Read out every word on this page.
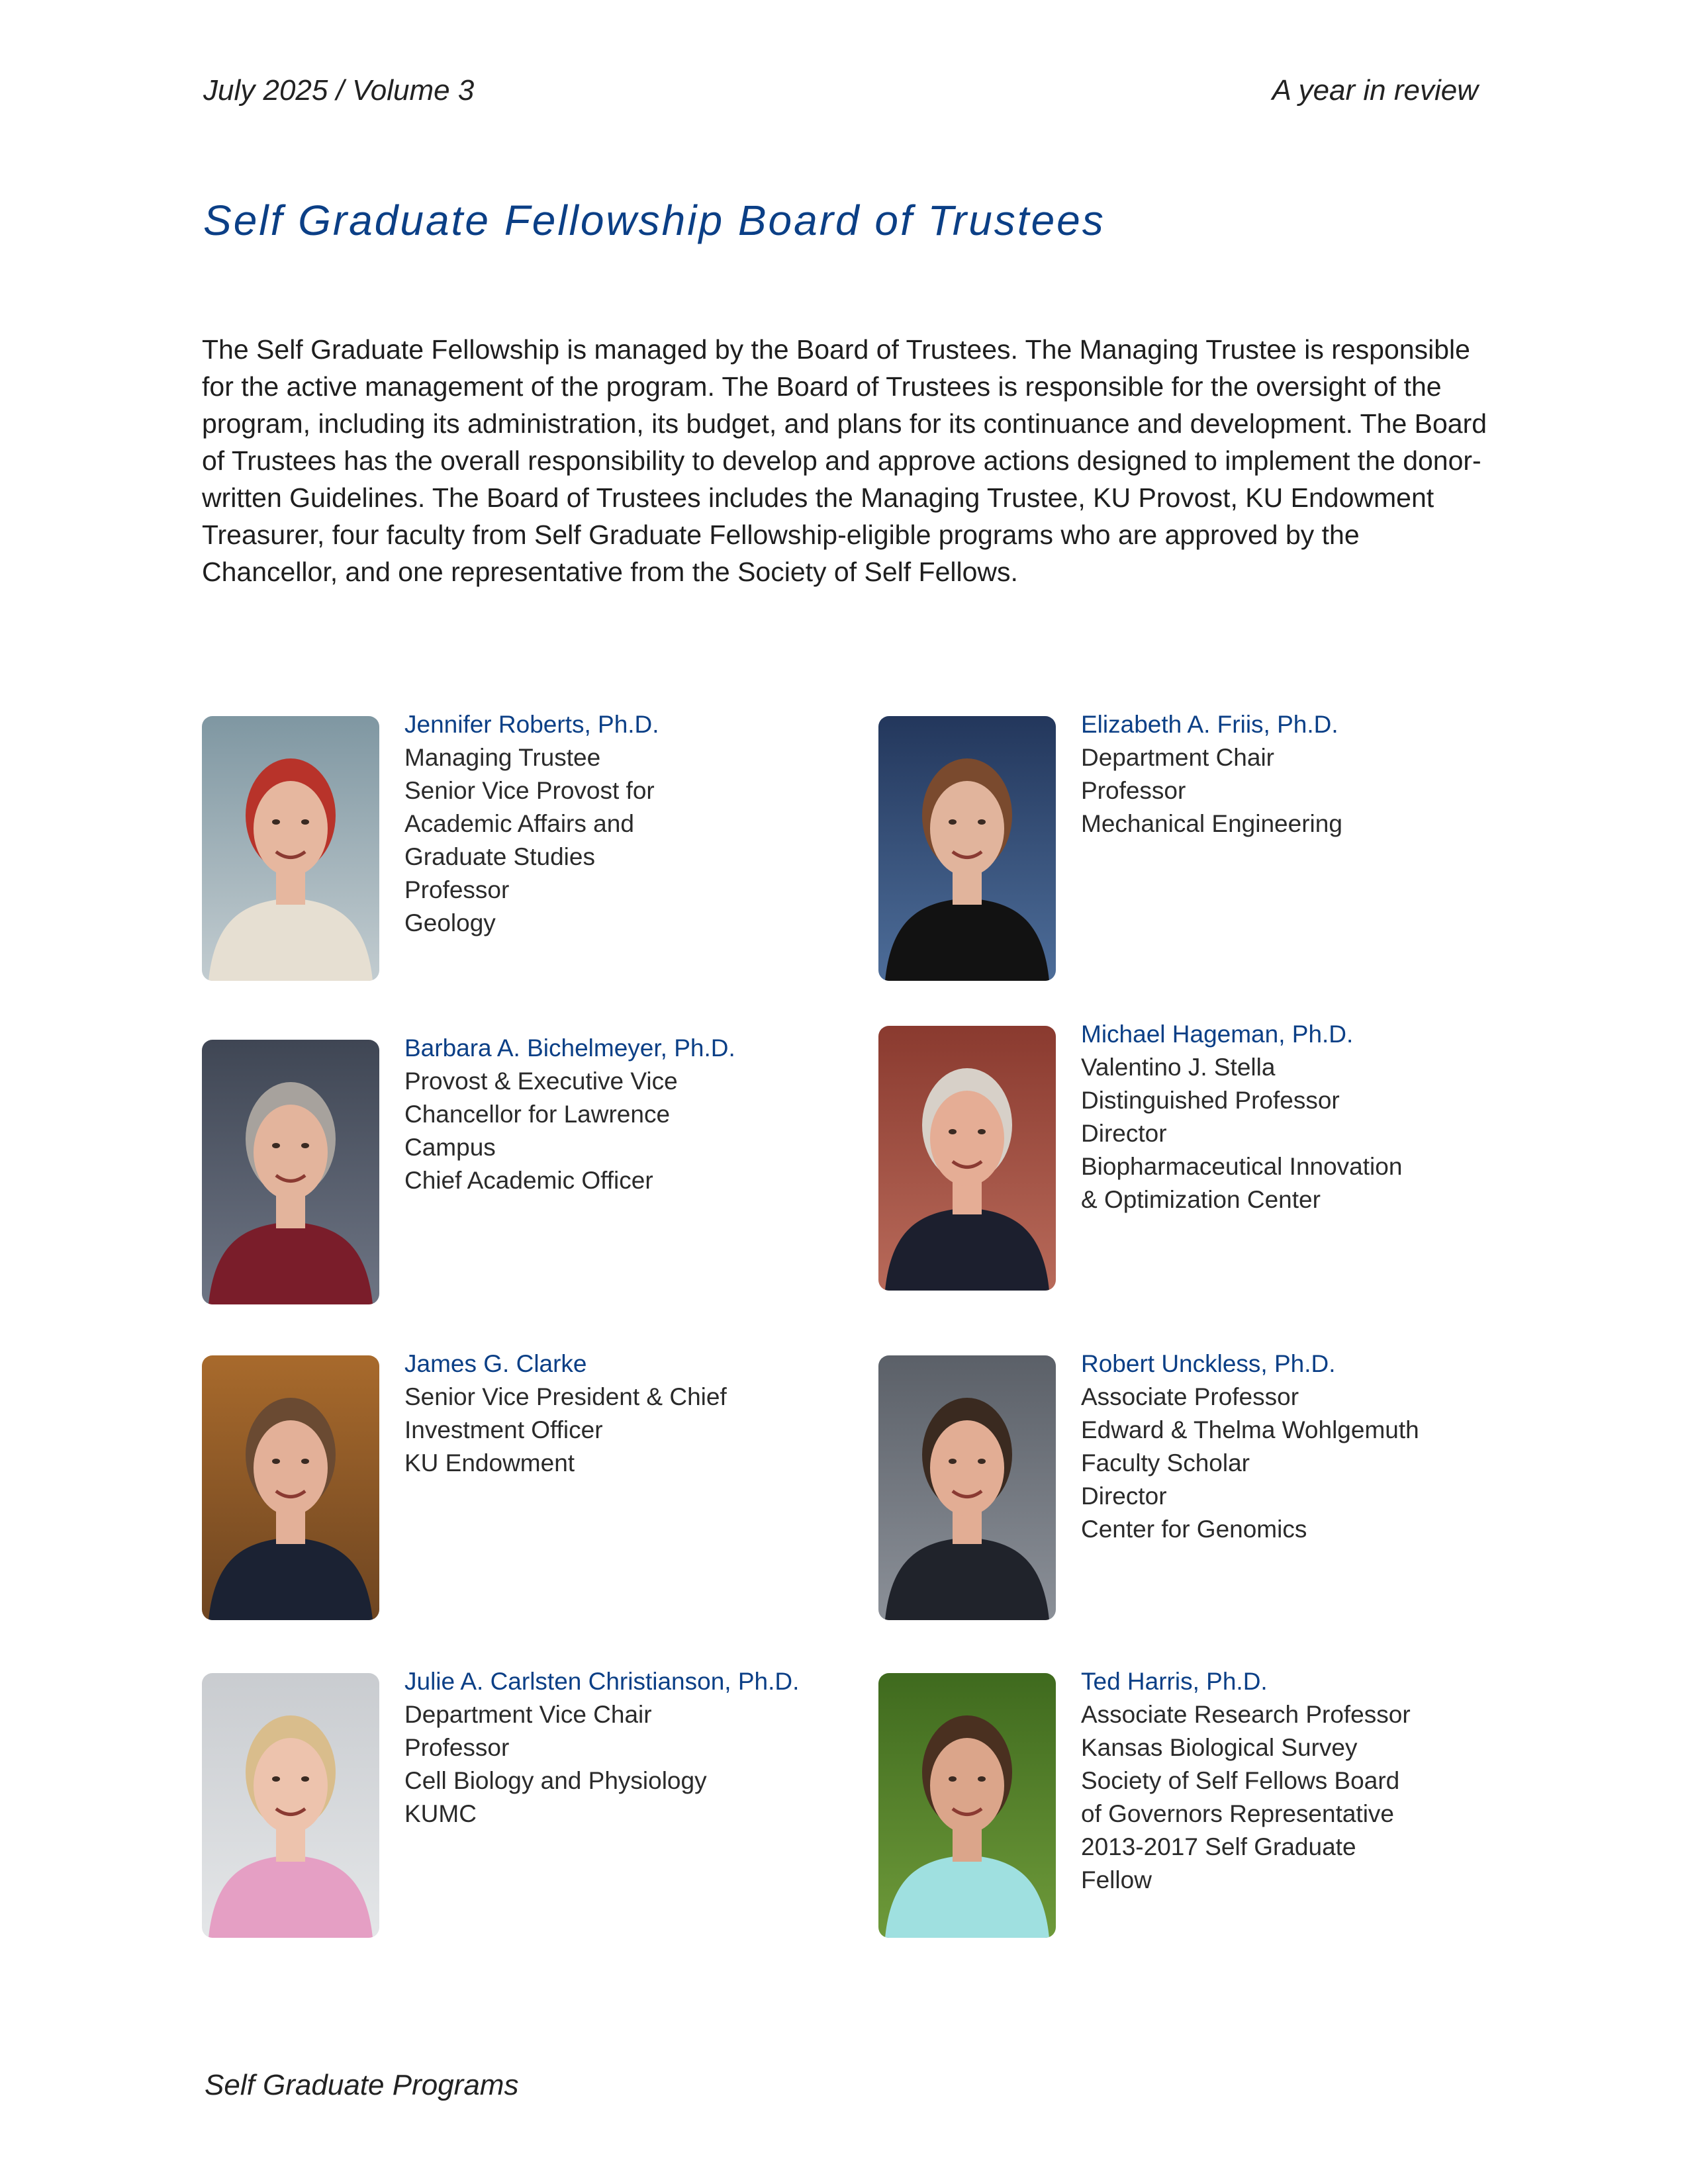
July 2025 / Volume 3	A year in review
Self Graduate Fellowship Board of Trustees

The Self Graduate Fellowship is managed by the Board of Trustees. The Managing Trustee is responsible for the active management of the program. The Board of Trustees is responsible for the oversight of the program, including its administration, its budget, and plans for its continuance and development. The Board of Trustees has the overall responsibility to develop and approve actions designed to implement the donor-written Guidelines. The Board of Trustees includes the Managing Trustee, KU Provost, KU Endowment Treasurer, four faculty from Self Graduate Fellowship-eligible programs who are approved by the Chancellor, and one representative from the Society of Self Fellows.

Jennifer Roberts, Ph.D.

Managing Trustee
Senior Vice Provost for
Academic Affairs and
Graduate Studies
Professor
Geology

Elizabeth A. Friis, Ph.D.

Department Chair
Professor
Mechanical Engineering

Barbara A. Bichelmeyer, Ph.D.

Provost & Executive Vice
Chancellor for Lawrence
Campus
Chief Academic Officer

Michael Hageman, Ph.D.

Valentino J. Stella
Distinguished Professor
Director
Biopharmaceutical Innovation
& Optimization Center

James G. Clarke

Senior Vice President & Chief
Investment Officer
KU Endowment

Robert Unckless, Ph.D.

Associate Professor
Edward & Thelma Wohlgemuth
Faculty Scholar
Director
Center for Genomics

Julie A. Carlsten Christianson, Ph.D.

Department Vice Chair
Professor
Cell Biology and Physiology
KUMC

Ted Harris, Ph.D.

Associate Research Professor
Kansas Biological Survey
Society of Self Fellows Board
of Governors Representative
2013-2017 Self Graduate
Fellow
Self Graduate Programs
